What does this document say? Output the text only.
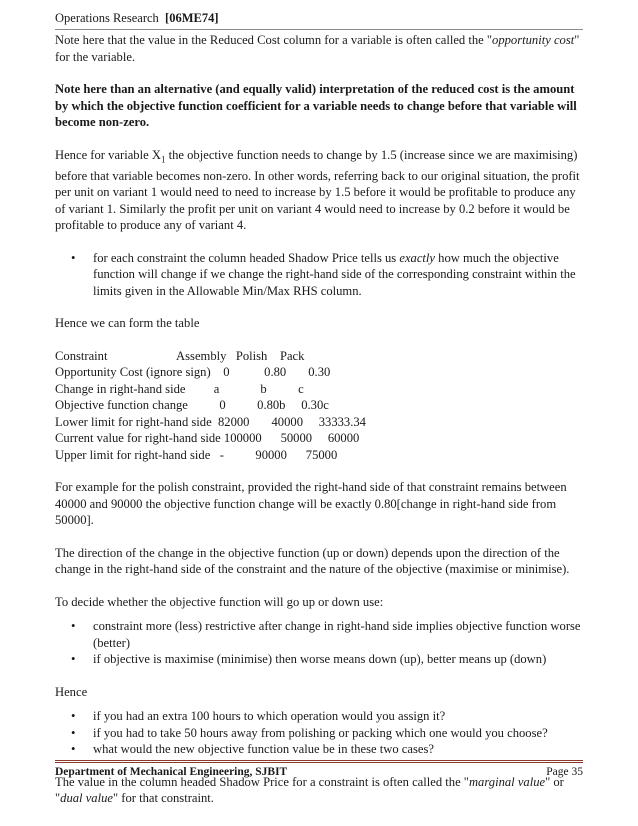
Operations Research [06ME74]

Note here that the value in the Reduced Cost column for a variable is often called the "opportunity cost" for the variable.

Note here than an alternative (and equally valid) interpretation of the reduced cost is the amount by which the objective function coefficient for a variable needs to change before that variable will become non-zero.

Hence for variable $X_1$ the objective function needs to change by 1.5 (increase since we are maximising) before that variable becomes non-zero. In other words, referring back to our original situation, the profit per unit on variant 1 would need to need to increase by 1.5 before it would be profitable to produce any of variant 1. Similarly the profit per unit on variant 4 would need to increase by 0.2 before it would be profitable to produce any of variant 4.

• for each constraint the column headed Shadow Price tells us exactly how much the objective function will change if we change the right-hand side of the corresponding constraint within the limits given in the Allowable Min/Max RHS column.

Hence we can form the table

Constraint                      Assembly   Polish    Pack
Opportunity Cost (ignore sign)    0           0.80       0.30
Change in right-hand side         a             b          c
Objective function change          0          0.80b     0.30c
Lower limit for right-hand side  82000       40000     33333.34
Current value for right-hand side 100000      50000     60000
Upper limit for right-hand side   -          90000      75000

For example for the polish constraint, provided the right-hand side of that constraint remains between 40000 and 90000 the objective function change will be exactly 0.80[change in right-hand side from 50000].

The direction of the change in the objective function (up or down) depends upon the direction of the change in the right-hand side of the constraint and the nature of the objective (maximise or minimise).

To decide whether the objective function will go up or down use:

• constraint more (less) restrictive after change in right-hand side implies objective function worse (better)
• if objective is maximise (minimise) then worse means down (up), better means up (down)

Hence

• if you had an extra 100 hours to which operation would you assign it?
• if you had to take 50 hours away from polishing or packing which one would you choose?
• what would the new objective function value be in these two cases?

The value in the column headed Shadow Price for a constraint is often called the "marginal value" or "dual value" for that constraint.

Department of Mechanical Engineering, SJBIT	Page 35
